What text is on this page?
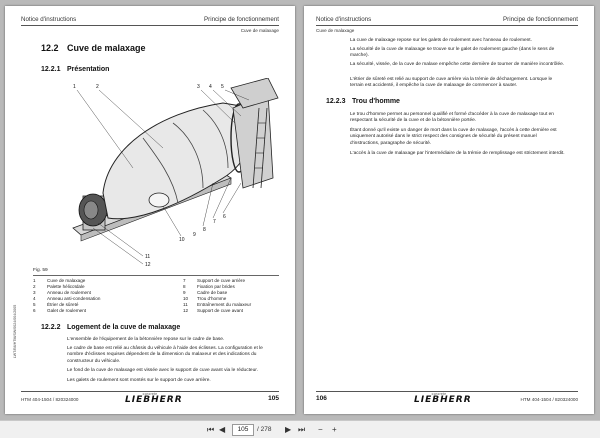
Notice d'instructions	Principe de fonctionnement
Cuve de malaxage
12.2 Cuve de malaxage
12.2.1 Présentation
1	2	3 4 5
6
7
8
9
10
11
12
Fig. 59
1 Cuve de malaxage
2 Palette hélicoïdale
3 Anneau de roulement
4 Anneau anti-condensation
5 Étrier de sûreté
6 Galet de roulement
7 Support de cuve arrière
8 Fixation par brides
9 Cadre de base
10 Trou d'homme
11 Entraînement du malaxeur
12 Support de cuve avant
12.2.2 Logement de la cuve de malaxage
L'ensemble de l'équipement de la bétonnière repose sur le cadre de base.
Le cadre de base est relié au châssis du véhicule à l'aide des éclisses. La configuration et le nombre d'éclisses requises dépendent de la dimension du malaxeur et des indications du constructeur du véhicule.
Le fond de la cuve de malaxage est vissée avec le support de cuve avant via le réducteur.
Les galets de roulement sont montés sur le support de cuve arrière.
LWT/B6/HTM/SW/0024/004/2005
HTM 404-1504 / 820324000
concrete
LIEBHERR	105
Notice d'instructions	Principe de fonctionnement
Cuve de malaxage
La cuve de malaxage repose sur les galets de roulement avec l'anneau de roulement.
La sécurité de la cuve de malaxage se trouve sur le galet de roulement gauche (dans le sens de marche).
La sécurité, vissée, de la cuve de malaxe empêche cette dernière de tourner de manière incontrôlée.
L'étrier de sûreté est relié au support de cuve arrière via la trémie de déchargement. Lorsque le terrain est accidenté, il empêche la cuve de malaxage de commencer à sauter.
12.2.3 Trou d'homme
Le trou d'homme permet au personnel qualifié et formé d'accéder à la cuve de malaxage tout en respectant la sécurité de la cuve et de la bétonnière portée.
Étant donné qu'il existe un danger de mort dans la cuve de malaxage, l'accès à cette dernière est uniquement autorisé dans le strict respect des consignes de sécurité du présent manuel d'instructions, paragraphe de sécurité.
L'accès à la cuve de malaxage par l'intermédiaire de la trémie de remplissage est strictement interdit.
106
concrete
LIEBHERR	HTM 404-1504 / 820324000
⏮ ◀	105	/ 278 ▶ ⏭ − +
